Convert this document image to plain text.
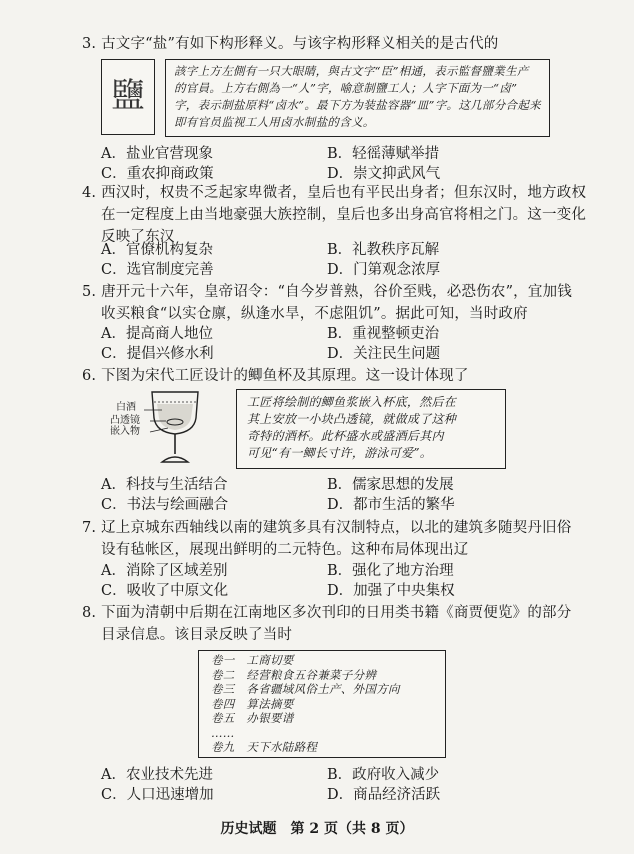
3. 古文字“盐”有如下构形释义。与该字构形释义相关的是古代的
鹽
該字上方左側有一只大眼睛，與古文字“臣”相通，表示監督鹽業生产
的官員。上方右側為一“人”字，喻意制鹽工人；人字下面为一“卤”
字，表示制盐原料“卤水”。最下方为装盐容器“皿”字。这几部分合起来
即有官员监视工人用卤水制盐的含义。
A．盐业官营现象	B．轻徭薄赋举措
C．重农抑商政策	D．崇文抑武风气
4. 西汉时，权贵不乏起家卑微者，皇后也有平民出身者；但东汉时，地方政权
在一定程度上由当地豪强大族控制，皇后也多出身高官将相之门。这一变化
反映了东汉
A．官僚机构复杂	B．礼教秩序瓦解
C．选官制度完善	D．门第观念浓厚
5. 唐开元十六年，皇帝诏令：“自今岁普熟，谷价至贱，必恐伤农”，宜加钱
收买粮食“以实仓廪，纵逢水旱，不虑阻饥”。据此可知，当时政府
A．提高商人地位	B．重视整顿吏治
C．提倡兴修水利	D．关注民生问题
6. 下图为宋代工匠设计的鲫鱼杯及其原理。这一设计体现了
白酒
凸透镜
嵌入物
工匠将绘制的鲫鱼浆嵌入杯底，然后在
其上安放一小块凸透镜，就做成了这种
奇特的酒杯。此杯盛水或盛酒后其内
可见“有一鲫长寸许，游泳可爱”。
A．科技与生活结合	B．儒家思想的发展
C．书法与绘画融合	D．都市生活的繁华
7. 辽上京城东西轴线以南的建筑多具有汉制特点，以北的建筑多随契丹旧俗
设有毡帐区，展现出鲜明的二元特色。这种布局体现出辽
A．消除了区域差别	B．强化了地方治理
C．吸收了中原文化	D．加强了中央集权
8. 下面为清朝中后期在江南地区多次刊印的日用类书籍《商贾便览》的部分
目录信息。该目录反映了当时
卷一　工商切要
卷二　经营粮食五谷兼菜子分辨
卷三　各省疆域风俗土产、外国方向
卷四　算法摘要
卷五　办银要谱
……
卷九　天下水陆路程
A．农业技术先进	B．政府收入减少
C．人口迅速增加	D．商品经济活跃
历史试题　第 2 页（共 8 页）
